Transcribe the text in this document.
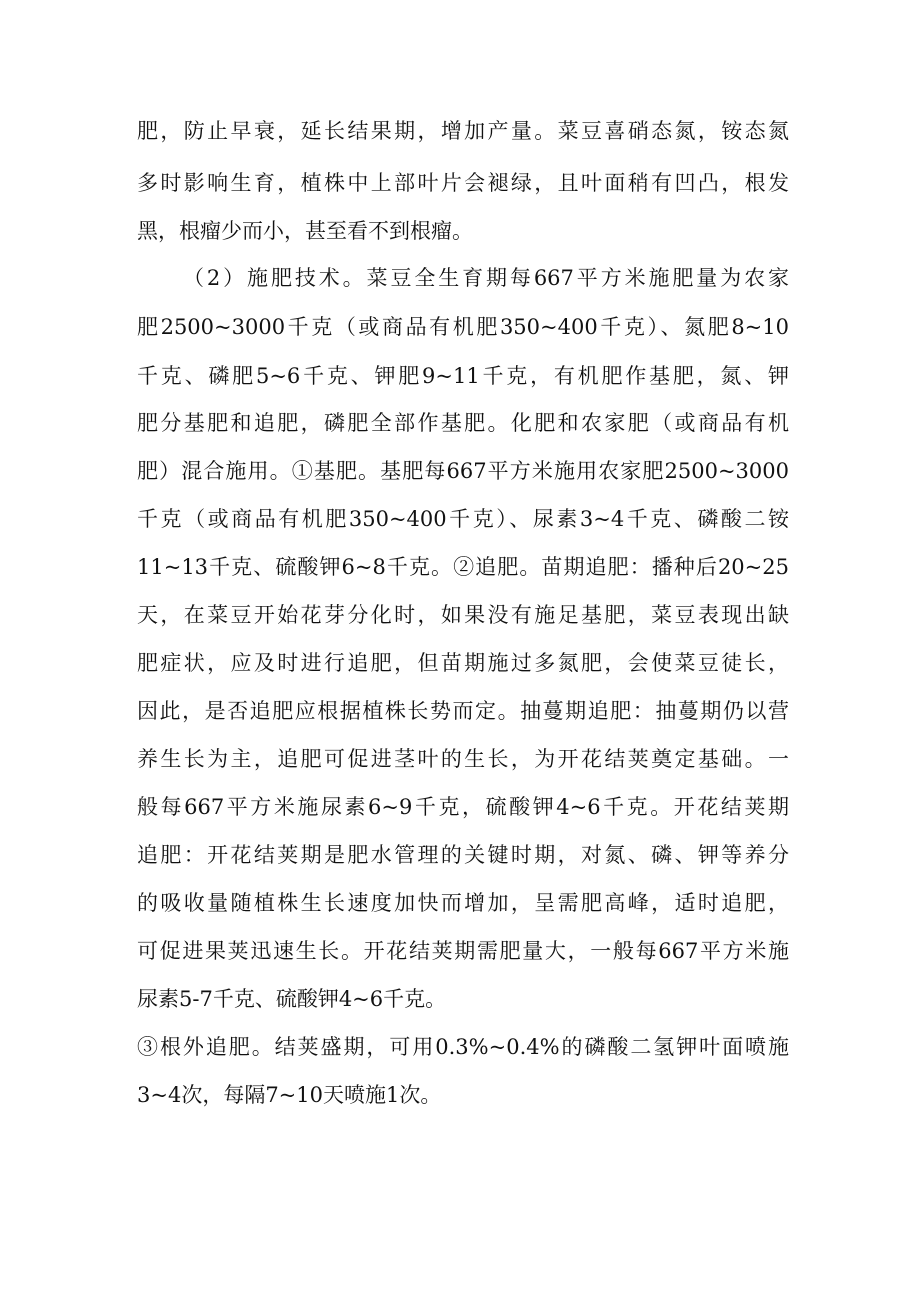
肥，防止早衰，延长结果期，增加产量。菜豆喜硝态氮，铵态氮
多时影响生育，植株中上部叶片会褪绿，且叶面稍有凹凸，根发
黑，根瘤少而小，甚至看不到根瘤。
（2）施肥技术。菜豆全生育期每667平方米施肥量为农家
肥2500~3000千克（或商品有机肥350~400千克）、氮肥8~10
千克、磷肥5~6千克、钾肥9~11千克，有机肥作基肥，氮、钾
肥分基肥和追肥，磷肥全部作基肥。化肥和农家肥（或商品有机
肥）混合施用。①基肥。基肥每667平方米施用农家肥2500~3000
千克（或商品有机肥350~400千克）、尿素3~4千克、磷酸二铵
11~13千克、硫酸钾6~8千克。②追肥。苗期追肥：播种后20~25
天，在菜豆开始花芽分化时，如果没有施足基肥，菜豆表现出缺
肥症状，应及时进行追肥，但苗期施过多氮肥，会使菜豆徒长，
因此，是否追肥应根据植株长势而定。抽蔓期追肥：抽蔓期仍以营
养生长为主，追肥可促进茎叶的生长，为开花结荚奠定基础。一
般每667平方米施尿素6~9千克，硫酸钾4~6千克。开花结荚期
追肥：开花结荚期是肥水管理的关键时期，对氮、磷、钾等养分
的吸收量随植株生长速度加快而增加，呈需肥高峰，适时追肥，
可促进果荚迅速生长。开花结荚期需肥量大，一般每667平方米施
尿素5-7千克、硫酸钾4~6千克。
③根外追肥。结荚盛期，可用0.3%~0.4%的磷酸二氢钾叶面喷施
3~4次，每隔7~10天喷施1次。
